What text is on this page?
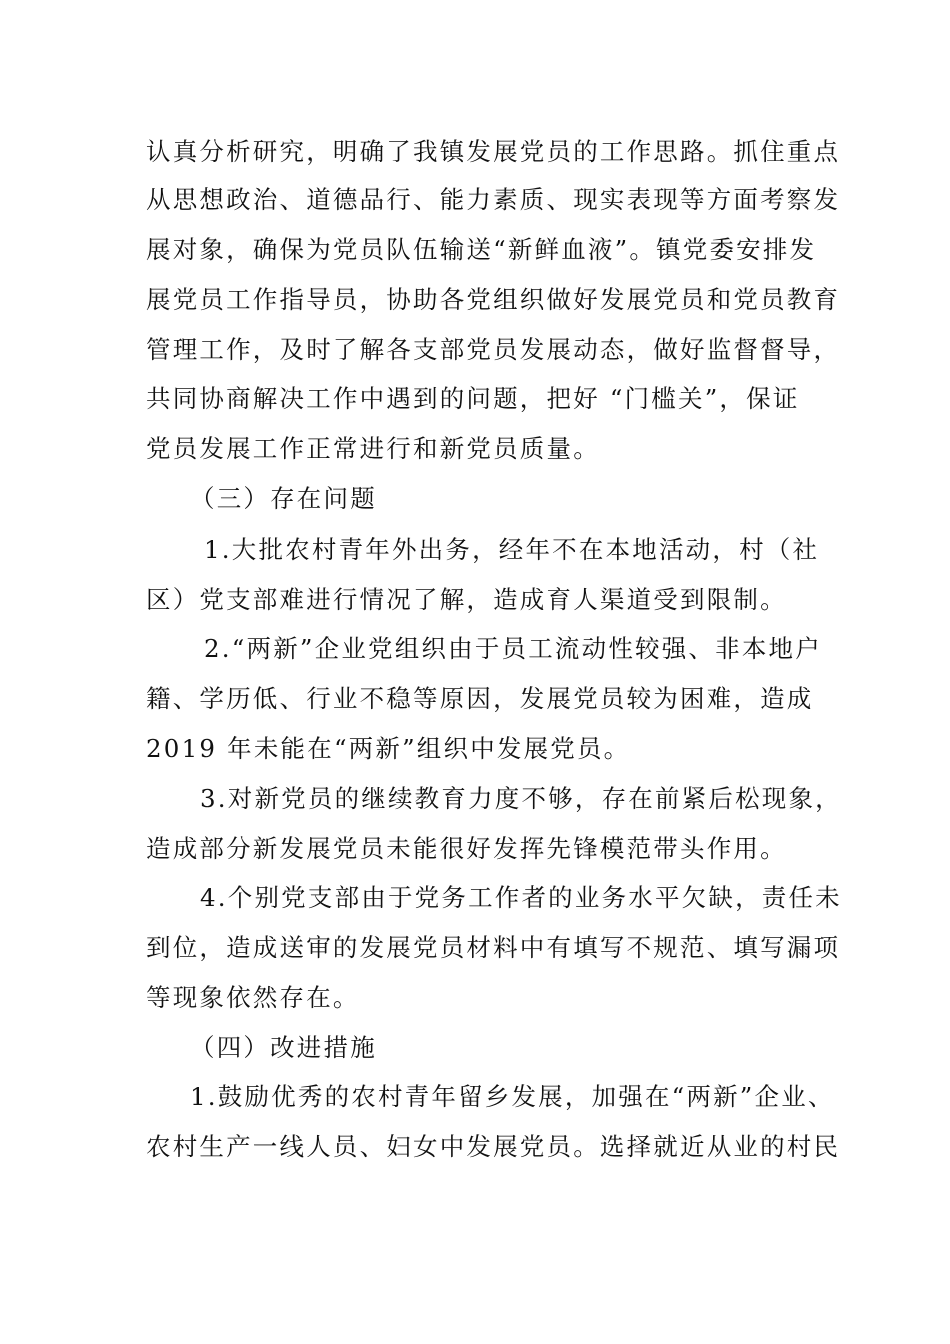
认真分析研究，明确了我镇发展党员的工作思路。抓住重点
从思想政治、道德品行、能力素质、现实表现等方面考察发
展对象，确保为党员队伍输送“新鲜血液”。镇党委安排发
展党员工作指导员，协助各党组织做好发展党员和党员教育
管理工作，及时了解各支部党员发展动态，做好监督督导，
共同协商解决工作中遇到的问题，把好 “门槛关”，保证
党员发展工作正常进行和新党员质量。
（三）存在问题
1.大批农村青年外出务，经年不在本地活动，村（社
区）党支部难进行情况了解，造成育人渠道受到限制。
2.“两新”企业党组织由于员工流动性较强、非本地户
籍、学历低、行业不稳等原因，发展党员较为困难，造成
2019 年未能在“两新”组织中发展党员。
3.对新党员的继续教育力度不够，存在前紧后松现象，
造成部分新发展党员未能很好发挥先锋模范带头作用。
4.个别党支部由于党务工作者的业务水平欠缺，责任未
到位，造成送审的发展党员材料中有填写不规范、填写漏项
等现象依然存在。
（四）改进措施
1.鼓励优秀的农村青年留乡发展，加强在“两新”企业、
农村生产一线人员、妇女中发展党员。选择就近从业的村民
